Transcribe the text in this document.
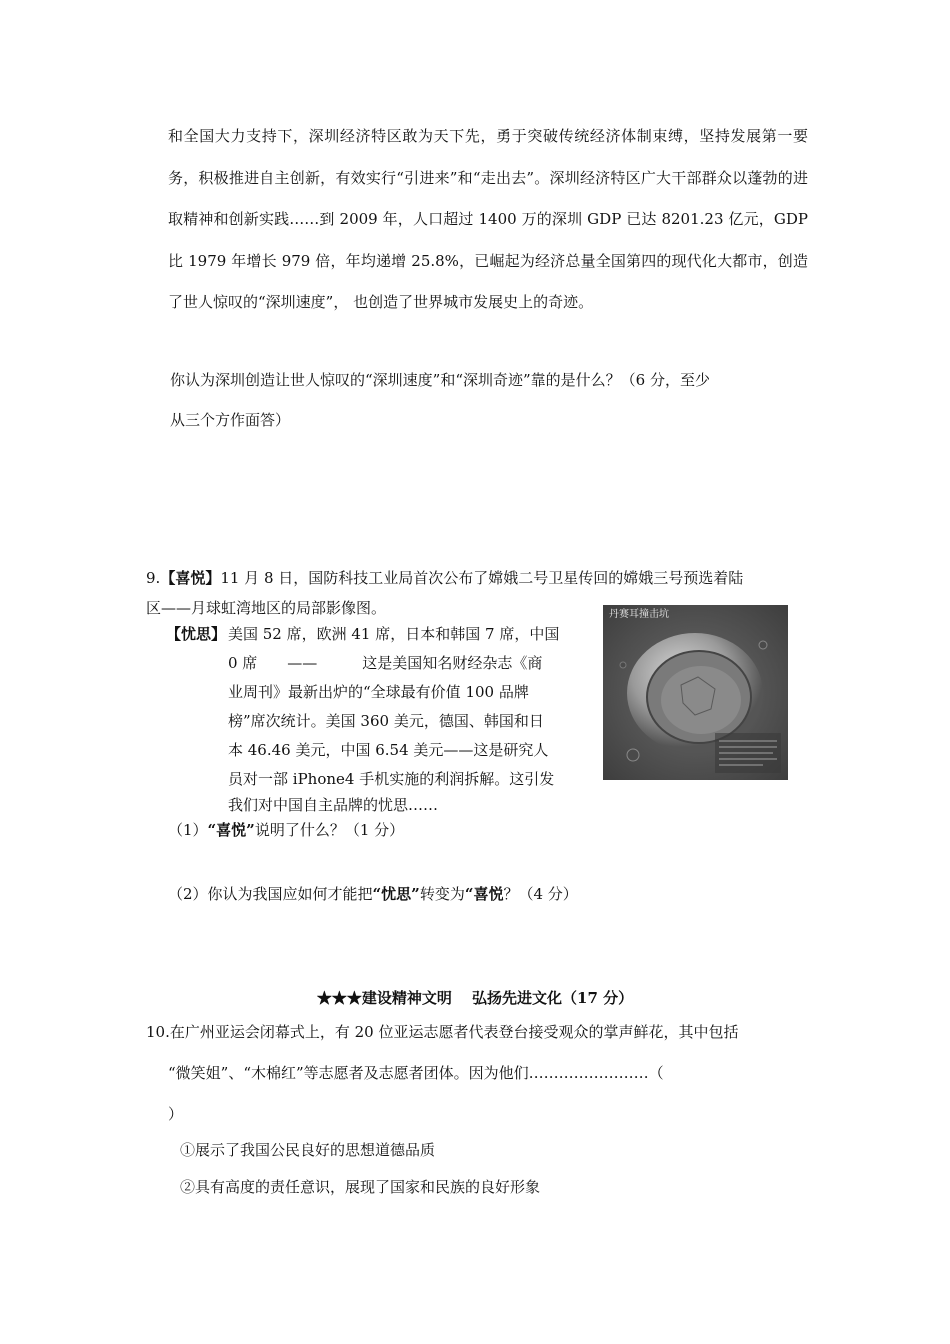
和全国大力支持下，深圳经济特区敢为天下先，勇于突破传统经济体制束缚，坚持发展第一要务，积极推进自主创新，有效实行“引进来”和“走出去”。深圳经济特区广大干部群众以蓬勃的进取精神和创新实践……到 2009 年，人口超过 1400 万的深圳 GDP 已达 8201.23 亿元，GDP 比 1979 年增长 979 倍，年均递增 25.8%，已崛起为经济总量全国第四的现代化大都市，创造了世人惊叹的“深圳速度”， 也创造了世界城市发展史上的奇迹。
你认为深圳创造让世人惊叹的“深圳速度”和“深圳奇迹”靠的是什么？（6 分，至少
从三个方作面答）
9.【喜悦】11 月 8 日，国防科技工业局首次公布了嫦娥二号卫星传回的嫦娥三号预选着陆
区——月球虹湾地区的局部影像图。
【忧思】 美国 52 席，欧洲 41 席，日本和韩国 7 席，中国
0 席　　——　　　这是美国知名财经杂志《商
业周刊》最新出炉的“全球最有价值 100 品牌
榜”席次统计。美国 360 美元，德国、韩国和日
本 46.46 美元，中国 6.54 美元——这是研究人
员对一部 iPhone4 手机实施的利润拆解。这引发
我们对中国自主品牌的忧思……
丹赛耳撞击坑
（1）“喜悦”说明了什么？（1 分）
（2）你认为我国应如何才能把“忧思”转变为“喜悦？（4 分）
★★★建设精神文明　 弘扬先进文化（17 分）
10.在广州亚运会闭幕式上，有 20 位亚运志愿者代表登台接受观众的掌声鲜花，其中包括
“微笑姐”、“木棉红”等志愿者及志愿者团体。因为他们……………………（
）
①展示了我国公民良好的思想道德品质
②具有高度的责任意识，展现了国家和民族的良好形象
